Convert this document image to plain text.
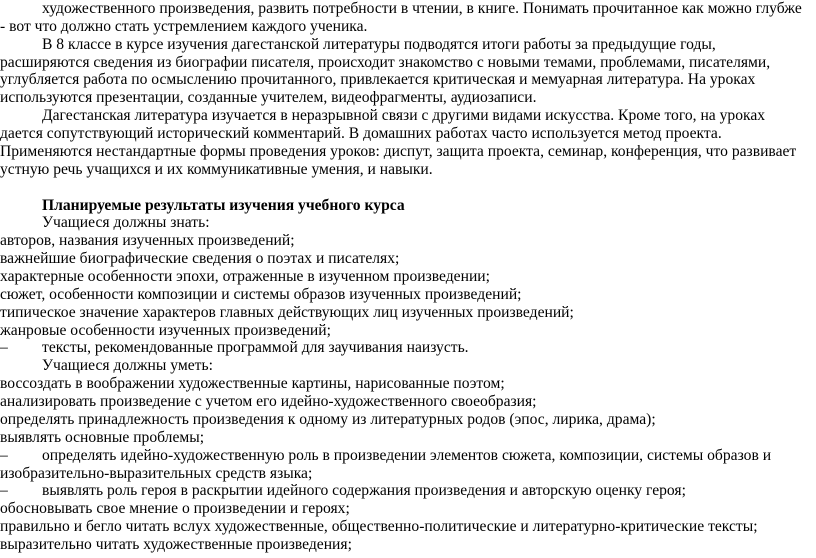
художественного произведения, развить потребности в чтении, в книге. Понимать прочитанное как можно глубже
- вот что должно стать устремлением каждого ученика.
В 8 классе в курсе изучения дагестанской литературы подводятся итоги работы за предыдущие годы,
расширяются сведения из биографии писателя, происходит знакомство с новыми темами, проблемами, писателями,
углубляется работа по осмыслению прочитанного, привлекается критическая и мемуарная литература. На уроках
используются презентации, созданные учителем, видеофрагменты, аудиозаписи.
Дагестанская литература изучается в неразрывной связи с другими видами искусства. Кроме того, на уроках
дается сопутствующий исторический комментарий. В домашних работах часто используется метод проекта.
Применяются нестандартные формы проведения уроков: диспут, защита проекта, семинар, конференция, что развивает
устную речь учащихся и их коммуникативные умения, и навыки.
Планируемые результаты изучения учебного курса
Учащиеся должны знать:
авторов, названия изученных произведений;
важнейшие биографические сведения о поэтах и писателях;
характерные особенности эпохи, отраженные в изученном произведении;
сюжет, особенности композиции и системы образов изученных произведений;
типическое значение характеров главных действующих лиц изученных произведений;
жанровые особенности изученных произведений;
– тексты, рекомендованные программой для заучивания наизусть.
Учащиеся должны уметь:
воссоздать в воображении художественные картины, нарисованные поэтом;
анализировать произведение с учетом его идейно-художественного своеобразия;
определять принадлежность произведения к одному из литературных родов (эпос, лирика, драма);
выявлять основные проблемы;
– определять идейно-художественную роль в произведении элементов сюжета, композиции, системы образов и
изобразительно-выразительных средств языка;
– выявлять роль героя в раскрытии идейного содержания произведения и авторскую оценку героя;
обосновывать свое мнение о произведении и героях;
правильно и бегло читать вслух художественные, общественно-политические и литературно-критические тексты;
выразительно читать художественные произведения;
